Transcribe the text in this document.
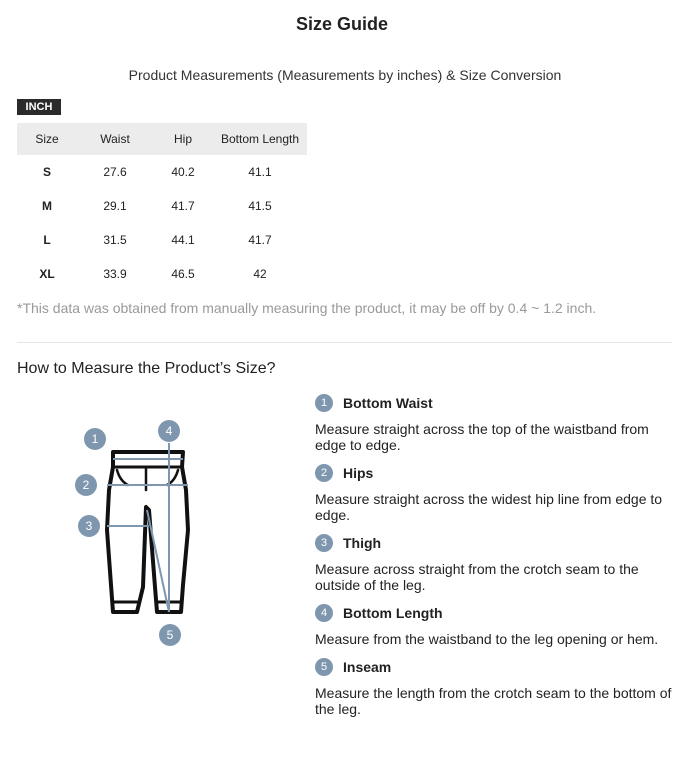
Size Guide
Product Measurements (Measurements by inches) & Size Conversion
INCH
Size	Waist	Hip	Bottom Length
S	27.6	40.2	41.1
M	29.1	41.7	41.5
L	31.5	44.1	41.7
XL	33.9	46.5	42
*This data was obtained from manually measuring the product, it may be off by 0.4 ~ 1.2 inch.
How to Measure the Product’s Size?
1
4
2
3
5
1	Bottom Waist
Measure straight across the top of the waistband from edge to edge.
2	Hips
Measure straight across the widest hip line from edge to edge.
3	Thigh
Measure across straight from the crotch seam to the outside of the leg.
4	Bottom Length
Measure from the waistband to the leg opening or hem.
5	Inseam
Measure the length from the crotch seam to the bottom of the leg.
